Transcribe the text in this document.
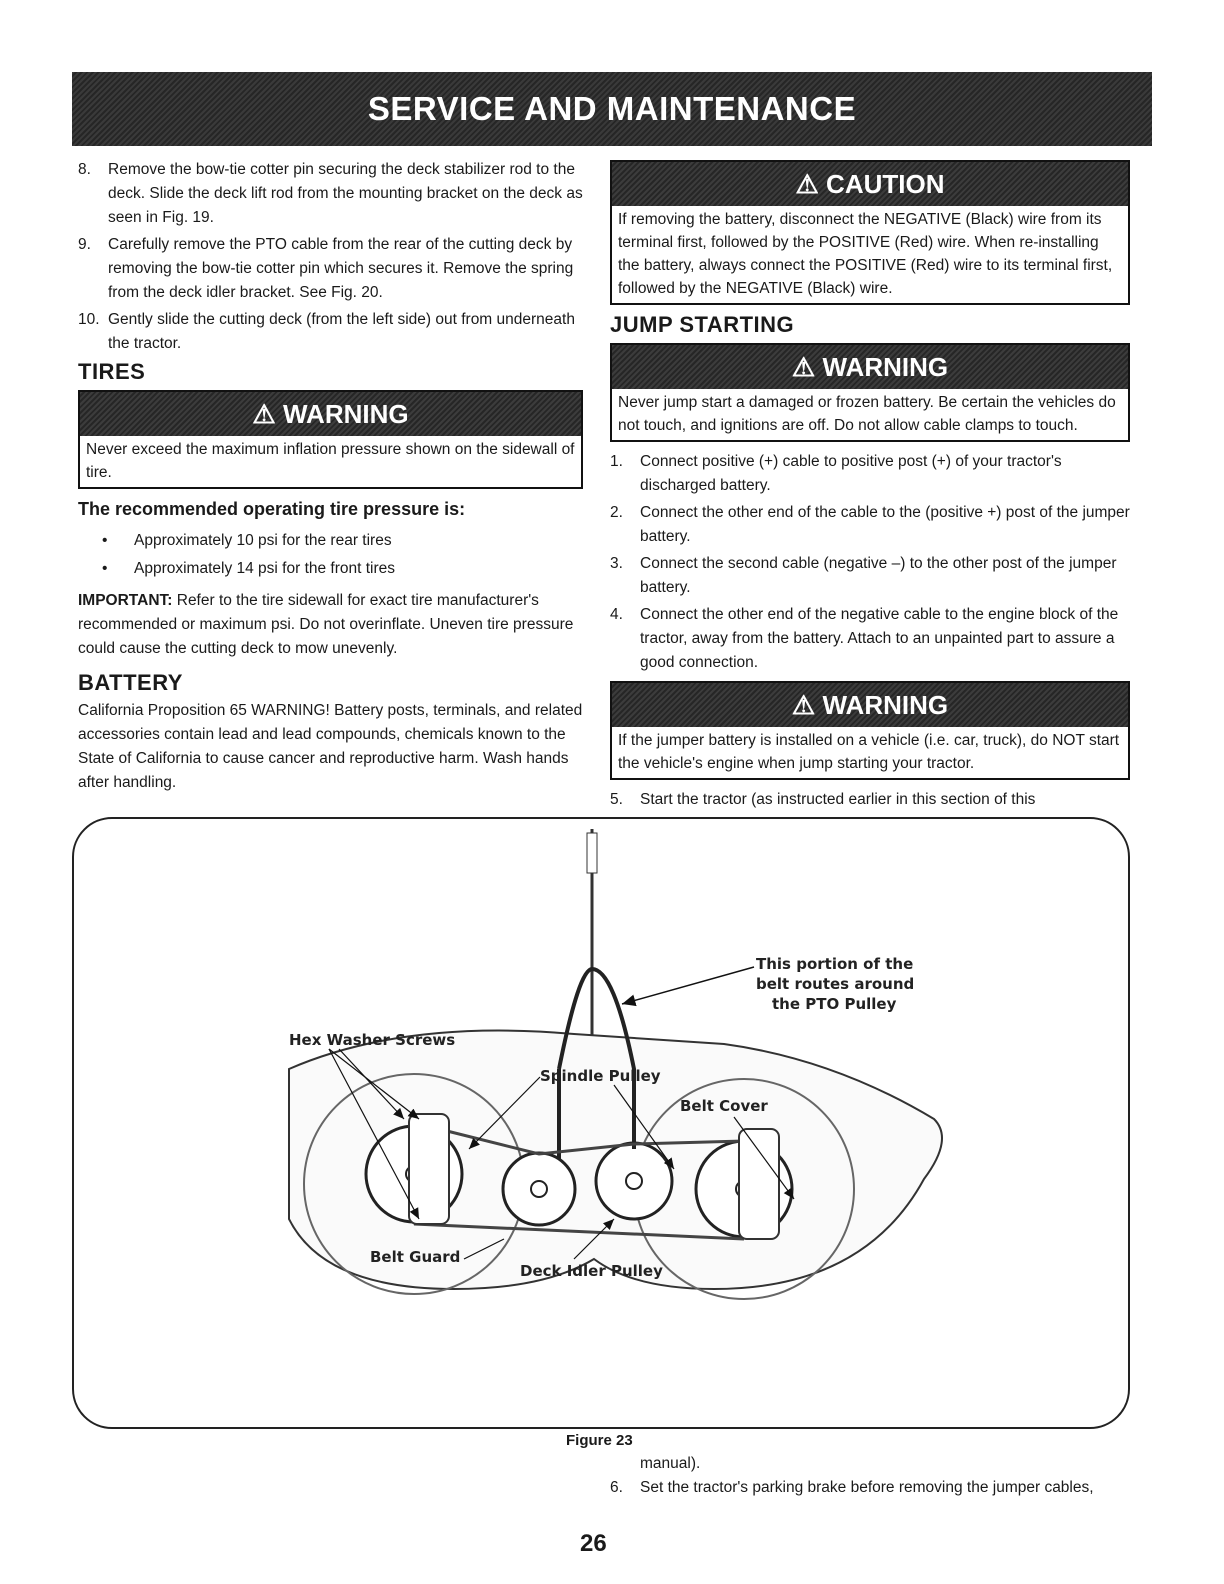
SERVICE AND MAINTENANCE
8. Remove the bow-tie cotter pin securing the deck stabilizer rod to the deck. Slide the deck lift rod from the mounting bracket on the deck as seen in Fig. 19.
9. Carefully remove the PTO cable from the rear of the cutting deck by removing the bow-tie cotter pin which secures it. Remove the spring from the deck idler bracket. See Fig. 20.
10. Gently slide the cutting deck (from the left side) out from underneath the tractor.
TIRES
⚠ WARNING
Never exceed the maximum inflation pressure shown on the sidewall of tire.
The recommended operating tire pressure is:
• Approximately 10 psi for the rear tires
• Approximately 14 psi for the front tires
IMPORTANT: Refer to the tire sidewall for exact tire manufacturer's recommended or maximum psi. Do not overinflate. Uneven tire pressure could cause the cutting deck to mow unevenly.
BATTERY
California Proposition 65 WARNING! Battery posts, terminals, and related accessories contain lead and lead compounds, chemicals known to the State of California to cause cancer and reproductive harm. Wash hands after handling.
⚠ CAUTION
If removing the battery, disconnect the NEGATIVE (Black) wire from its terminal first, followed by the POSITIVE (Red) wire. When re-installing the battery, always connect the POSITIVE (Red) wire to its terminal first, followed by the NEGATIVE (Black) wire.
JUMP STARTING
⚠ WARNING
Never jump start a damaged or frozen battery. Be certain the vehicles do not touch, and ignitions are off. Do not allow cable clamps to touch.
1. Connect positive (+) cable to positive post (+) of your tractor's discharged battery.
2. Connect the other end of the cable to the (positive +) post of the jumper battery.
3. Connect the second cable (negative –) to the other post of the jumper battery.
4. Connect the other end of the negative cable to the engine block of the tractor, away from the battery. Attach to an unpainted part to assure a good connection.
⚠ WARNING
If the jumper battery is installed on a vehicle (i.e. car, truck), do NOT start the vehicle's engine when jump starting your tractor.
5. Start the tractor (as instructed earlier in this section of this
This portion of the
belt routes around
the PTO Pulley
Hex Washer Screws
Spindle Pulley
Belt Cover
Belt Guard
Deck Idler Pulley
Figure 23
manual).
6. Set the tractor's parking brake before removing the jumper cables,
26
